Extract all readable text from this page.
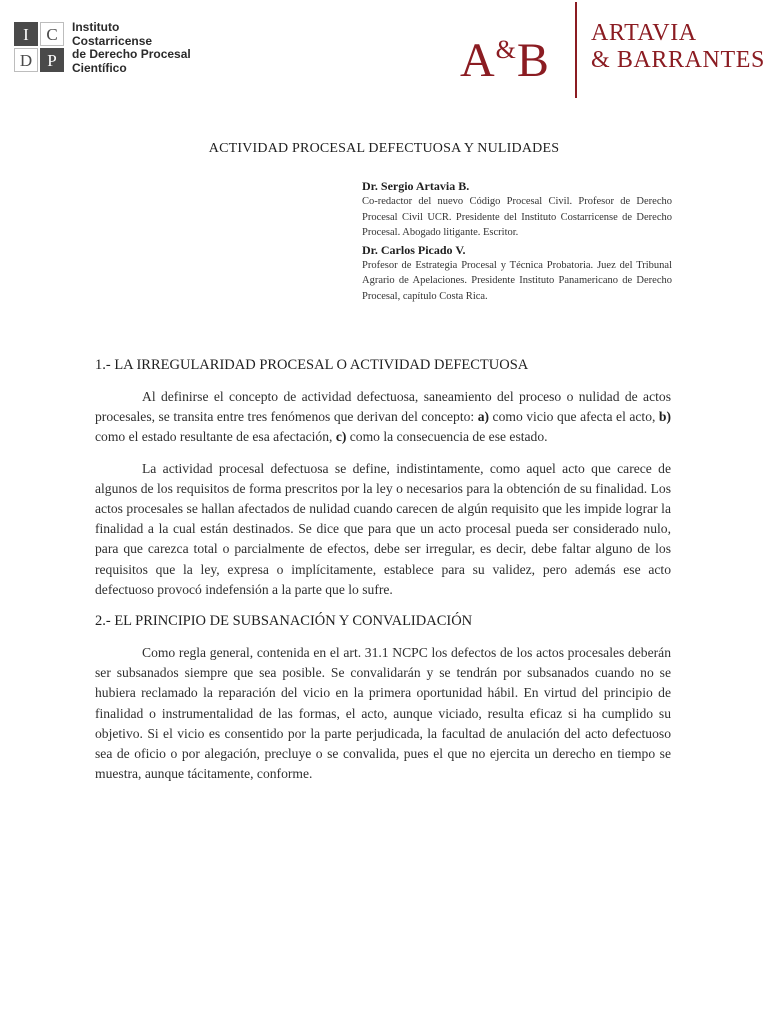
I	C
D P
Instituto
Costarricense
de Derecho Procesal
Científico	A&B
ARTAVIA
& BARRANTES
ACTIVIDAD PROCESAL DEFECTUOSA Y NULIDADES
Dr. Sergio Artavia B.
Co-redactor del nuevo Código Procesal Civil. Profesor de Derecho Procesal Civil UCR. Presidente del Instituto Costarricense de Derecho Procesal. Abogado litigante. Escritor.
Dr. Carlos Picado V.
Profesor de Estrategia Procesal y Técnica Probatoria. Juez del Tribunal Agrario de Apelaciones. Presidente Instituto Panamericano de Derecho Procesal, capítulo Costa Rica.
1.- LA IRREGULARIDAD PROCESAL O ACTIVIDAD DEFECTUOSA

Al definirse el concepto de actividad defectuosa, saneamiento del proceso o nulidad de actos procesales, se transita entre tres fenómenos que derivan del concepto: a) como vicio que afecta el acto, b) como el estado resultante de esa afectación, c) como la consecuencia de ese estado.

La actividad procesal defectuosa se define, indistintamente, como aquel acto que carece de algunos de los requisitos de forma prescritos por la ley o necesarios para la obtención de su finalidad. Los actos procesales se hallan afectados de nulidad cuando carecen de algún requisito que les impide lograr la finalidad a la cual están destinados. Se dice que para que un acto procesal pueda ser considerado nulo, para que carezca total o parcialmente de efectos, debe ser irregular, es decir, debe faltar alguno de los requisitos que la ley, expresa o implícitamente, establece para su validez, pero además ese acto defectuoso provocó indefensión a la parte que lo sufre.

2.- EL PRINCIPIO DE SUBSANACIÓN Y CONVALIDACIÓN

Como regla general, contenida en el art. 31.1 NCPC los defectos de los actos procesales deberán ser subsanados siempre que sea posible. Se convalidarán y se tendrán por subsanados cuando no se hubiera reclamado la reparación del vicio en la primera oportunidad hábil. En virtud del principio de finalidad o instrumentalidad de las formas, el acto, aunque viciado, resulta eficaz si ha cumplido su objetivo. Si el vicio es consentido por la parte perjudicada, la facultad de anulación del acto defectuoso sea de oficio o por alegación, precluye o se convalida, pues el que no ejercita un derecho en tiempo se muestra, aunque tácitamente, conforme.
